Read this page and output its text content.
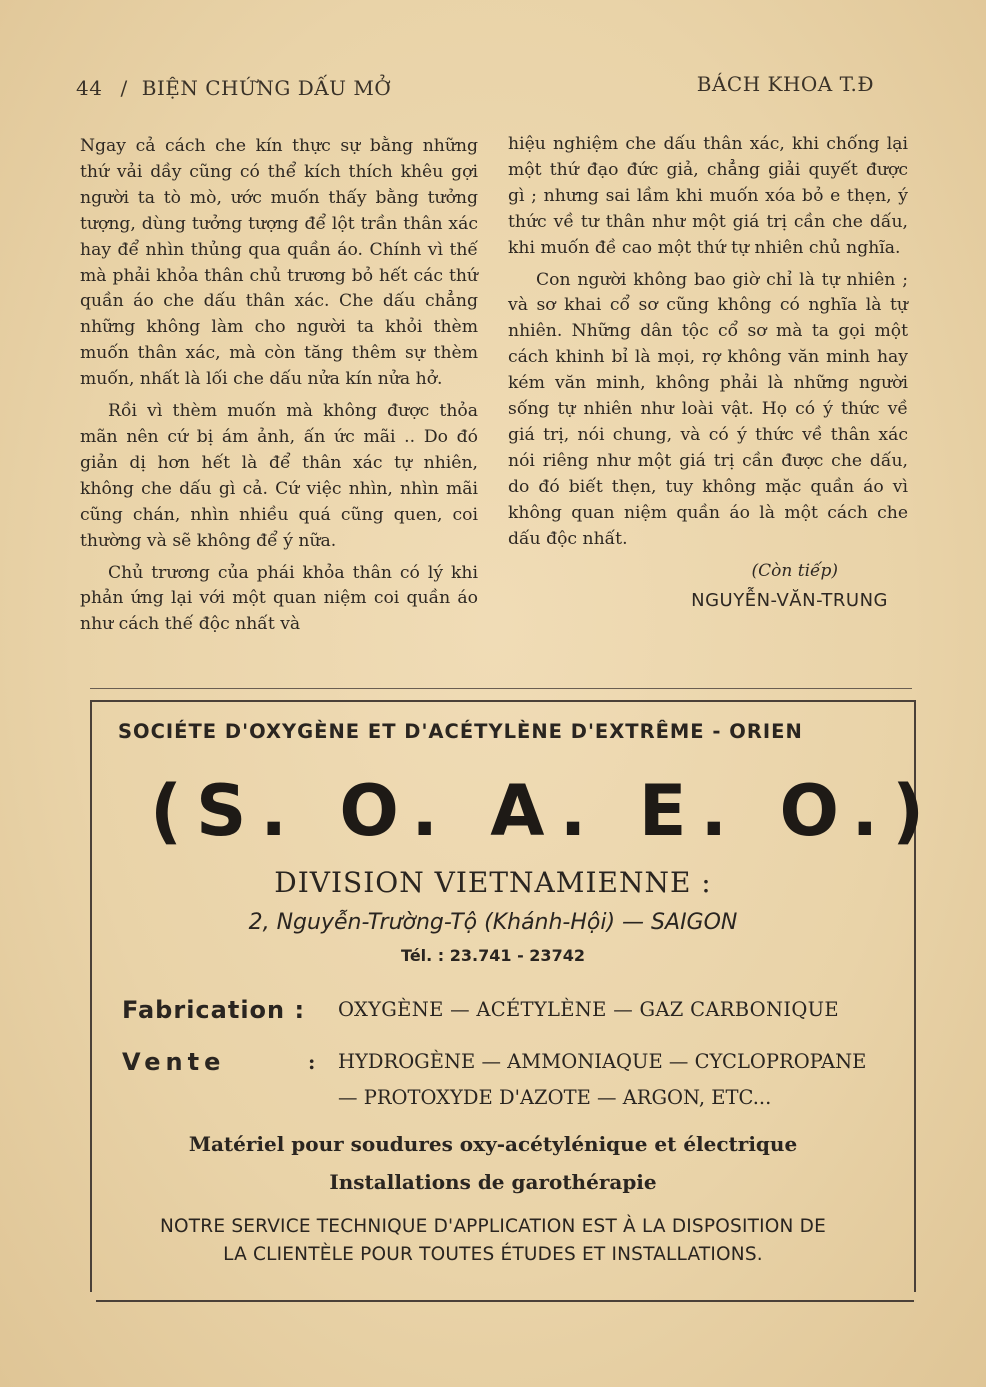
44 / BIỆN CHỨNG DẤU MỞ	BÁCH KHOA T.Đ

Ngay cả cách che kín thực sự bằng những thứ vải dầy cũng có thể kích thích khêu gợi người ta tò mò, ước muốn thấy bằng tưởng tượng, dùng tưởng tượng để lột trần thân xác hay để nhìn thủng qua quần áo. Chính vì thế mà phải khỏa thân chủ trương bỏ hết các thứ quần áo che dấu thân xác. Che dấu chẳng những không làm cho người ta khỏi thèm muốn thân xác, mà còn tăng thêm sự thèm muốn, nhất là lối che dấu nửa kín nửa hở.

Rồi vì thèm muốn mà không được thỏa mãn nên cứ bị ám ảnh, ấn ức mãi .. Do đó giản dị hơn hết là để thân xác tự nhiên, không che dấu gì cả. Cứ việc nhìn, nhìn mãi cũng chán, nhìn nhiều quá cũng quen, coi thường và sẽ không để ý nữa.

Chủ trương của phái khỏa thân có lý khi phản ứng lại với một quan niệm coi quần áo như cách thế độc nhất và

hiệu nghiệm che dấu thân xác, khi chống lại một thứ đạo đức giả, chẳng giải quyết được gì ; nhưng sai lầm khi muốn xóa bỏ e thẹn, ý thức về tư thân như một giá trị cần che dấu, khi muốn đề cao một thứ tự nhiên chủ nghĩa.

Con người không bao giờ chỉ là tự nhiên ; và sơ khai cổ sơ cũng không có nghĩa là tự nhiên. Những dân tộc cổ sơ mà ta gọi một cách khinh bỉ là mọi, rợ không văn minh hay kém văn minh, không phải là những người sống tự nhiên như loài vật. Họ có ý thức về giá trị, nói chung, và có ý thức về thân xác nói riêng như một giá trị cần được che dấu, do đó biết thẹn, tuy không mặc quần áo vì không quan niệm quần áo là một cách che dấu độc nhất.

(Còn tiếp)
NGUYỄN-VĂN-TRUNG
SOCIÉTE D'OXYGÈNE ET D'ACÉTYLÈNE D'EXTRÊME - ORIEN
(S. O. A. E. O.)
DIVISION VIETNAMIENNE :
2, Nguyễn-Trường-Tộ (Khánh-Hội) — SAIGON
Tél. : 23.741 - 23742
Fabrication : OXYGÈNE — ACÉTYLÈNE — GAZ CARBONIQUE
Vente	: HYDROGÈNE — AMMONIAQUE — CYCLOPROPANE
— PROTOXYDE D'AZOTE — ARGON, ETC...
Matériel pour soudures oxy-acétylénique et électrique
Installations de garothérapie
NOTRE SERVICE TECHNIQUE D'APPLICATION EST À LA DISPOSITION DE
LA CLIENTÈLE POUR TOUTES ÉTUDES ET INSTALLATIONS.
